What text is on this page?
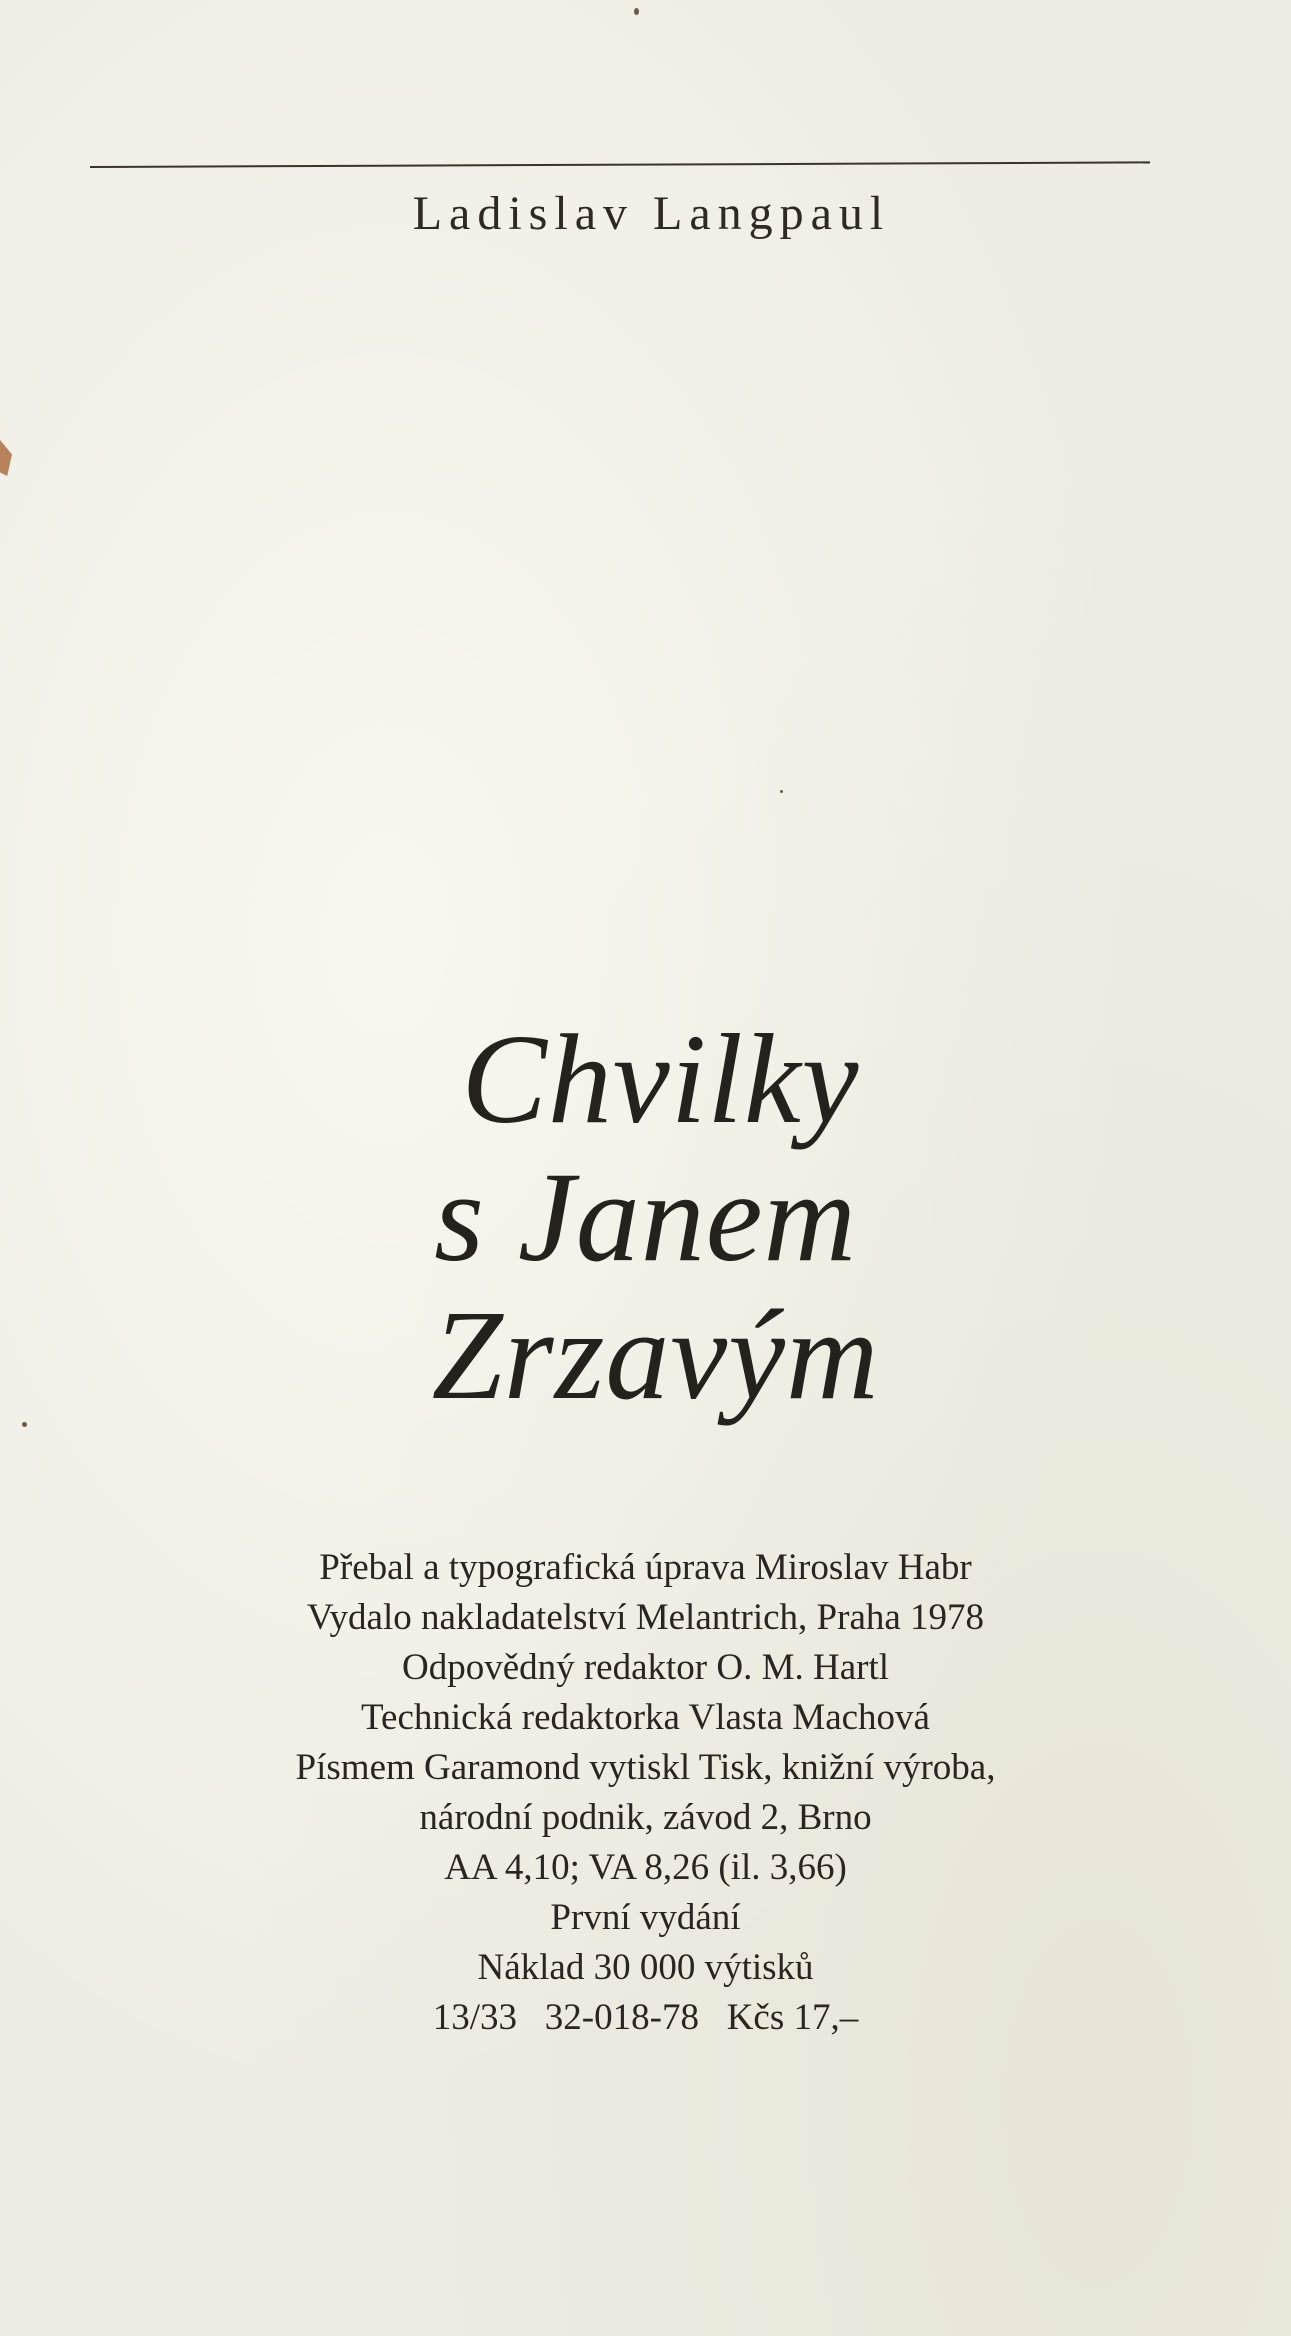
Ladislav Langpaul
Chvilky
s Janem
Zrzavým
Přebal a typografická úprava Miroslav Habr
Vydalo nakladatelství Melantrich, Praha 1978
Odpovědný redaktor O. M. Hartl
Technická redaktorka Vlasta Machová
Písmem Garamond vytiskl Tisk, knižní výroba,
národní podnik, závod 2, Brno
AA 4,10; VA 8,26 (il. 3,66)
První vydání
Náklad 30 000 výtisků
13/33   32-018-78   Kčs 17,–
